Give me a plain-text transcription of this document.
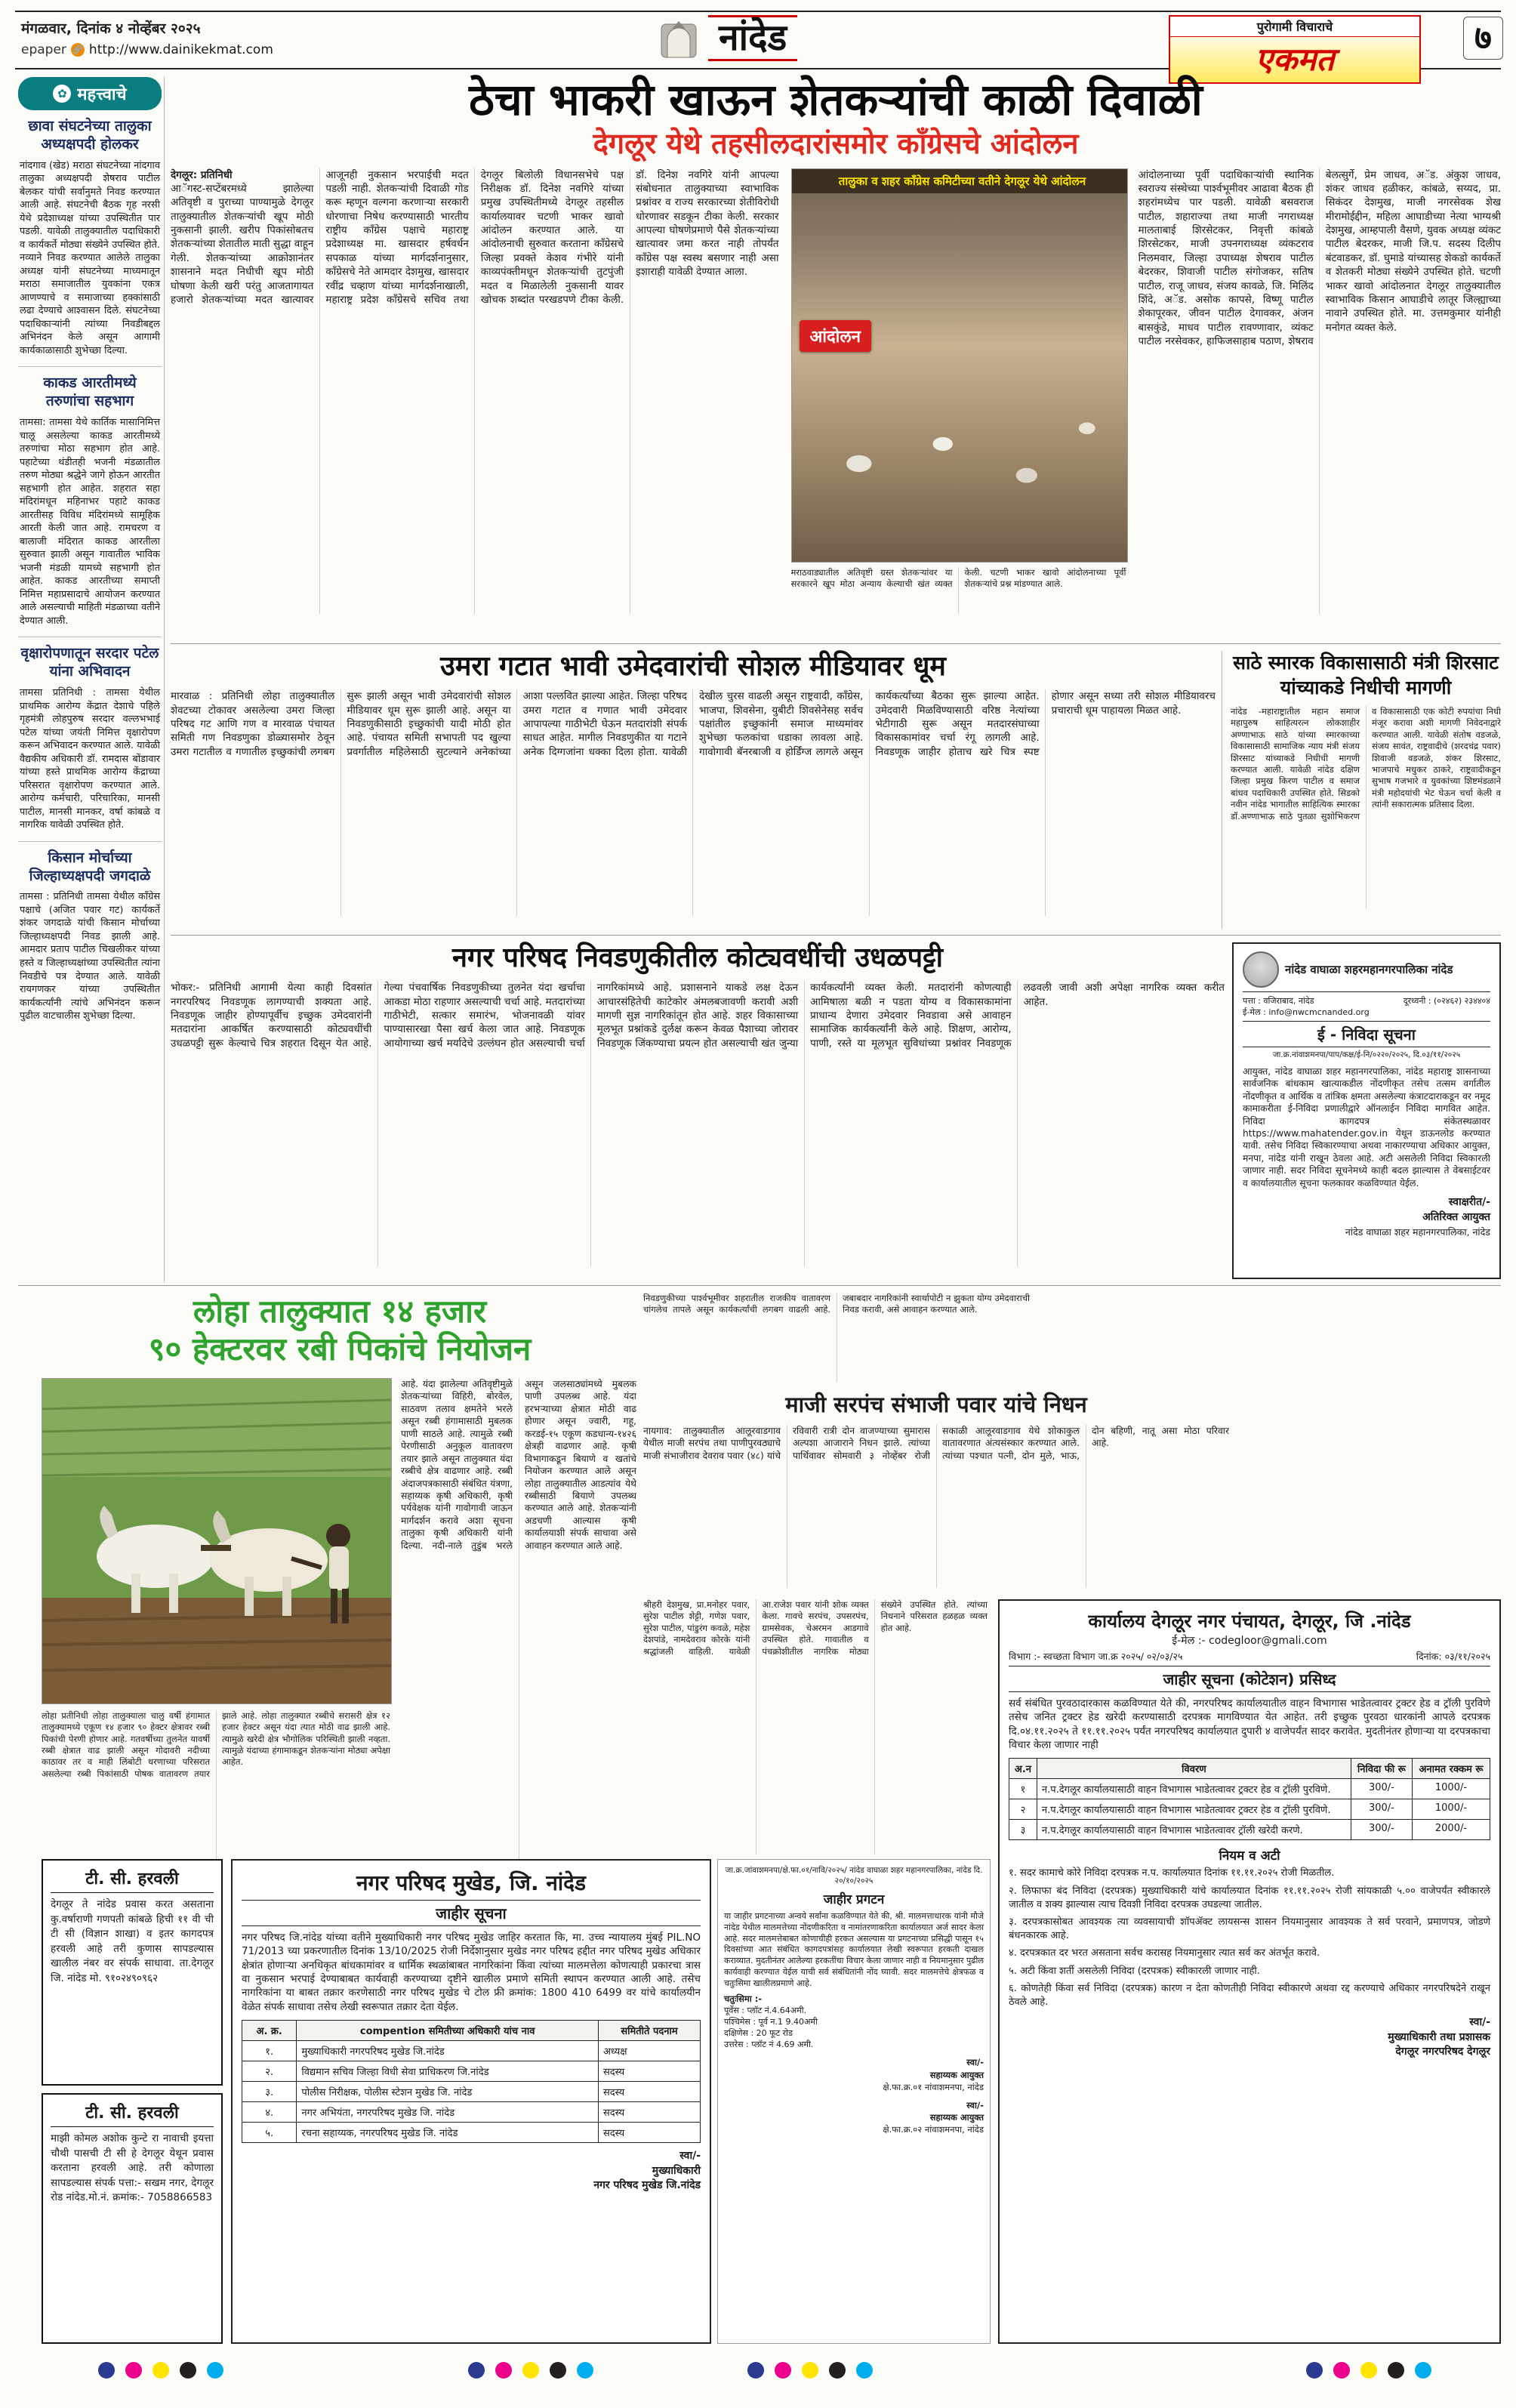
मंगळवार, दिनांक ४ नोव्हेंबर २०२५
epaper 🔗 http://www.dainikekmat.com	नांदेड	पुरोगामी विचाराचे
एकमत
७
✿ महत्त्वाचे
छावा संघटनेच्या तालुका अध्यक्षपदी होलकर

नांदगाव (खेड) मराठा संघटनेच्या नांदगाव तालुका अध्यक्षपदी शेषराव पाटील बेलकर यांची सर्वानुमते निवड करण्यात आली आहे. संघटनेची बैठक गृह नरसी येथे प्रदेशाध्यक्ष यांच्या उपस्थितीत पार पडली. यावेळी तालुक्यातील पदाधिकारी व कार्यकर्ते मोठ्या संख्येने उपस्थित होते. नव्याने निवड करण्यात आलेले तालुका अध्यक्ष यांनी संघटनेच्या माध्यमातून मराठा समाजातील युवकांना एकत्र आणण्याचे व समाजाच्या हक्कांसाठी लढा देण्याचे आश्वासन दिले. संघटनेच्या पदाधिकाऱ्यांनी त्यांच्या निवडीबद्दल अभिनंदन केले असून आगामी कार्यकाळासाठी शुभेच्छा दिल्या.

काकड आरतीमध्ये तरुणांचा सहभाग

तामसा: तामसा येथे कार्तिक मासानिमित्त चालू असलेल्या काकड आरतीमध्ये तरुणांचा मोठा सहभाग होत आहे. पहाटेच्या थंडीतही भजनी मंडळातील तरुण मोठ्या श्रद्धेने जागे होऊन आरतीत सहभागी होत आहेत. शहरात सहा मंदिरांमधून महिनाभर पहाटे काकड आरतीसह विविध मंदिरांमध्ये सामूहिक आरती केली जात आहे. रामचरण व बालाजी मंदिरात काकड आरतीला सुरुवात झाली असून गावातील भाविक भजनी मंडळी यामध्ये सहभागी होत आहेत. काकड आरतीच्या समाप्ती निमित्त महाप्रसादाचे आयोजन करण्यात आले असल्याची माहिती मंडळाच्या वतीने देण्यात आली.

वृक्षारोपणातून सरदार पटेल यांना अभिवादन

तामसा प्रतिनिधी : तामसा येथील प्राथमिक आरोग्य केंद्रात देशाचे पहिले गृहमंत्री लोहपुरुष सरदार वल्लभभाई पटेल यांच्या जयंती निमित्त वृक्षारोपण करून अभिवादन करण्यात आले. यावेळी वैद्यकीय अधिकारी डॉ. रामदास बोंडावार यांच्या हस्ते प्राथमिक आरोग्य केंद्राच्या परिसरात वृक्षारोपण करण्यात आले. आरोग्य कर्मचारी, परिचारिका, मानसी पाटील, मानसी मानकर, वर्षा कांबळे व नागरिक यावेळी उपस्थित होते.

किसान मोर्चाच्या जिल्हाध्यक्षपदी जगदाळे

तामसा : प्रतिनिधी तामसा येथील काँग्रेस पक्षाचे (अजित पवार गट) कार्यकर्ते शंकर जगदाळे यांची किसान मोर्चाच्या जिल्हाध्यक्षपदी निवड झाली आहे. आमदार प्रताप पाटील चिखलीकर यांच्या हस्ते व जिल्हाध्यक्षांच्या उपस्थितीत त्यांना निवडीचे पत्र देण्यात आले. यावेळी रायगणकर यांच्या उपस्थितीत कार्यकर्त्यांनी त्यांचे अभिनंदन करून पुढील वाटचालीस शुभेच्छा दिल्या.

ठेचा भाकरी खाऊन शेतकऱ्यांची काळी दिवाळी
देगलूर येथे तहसीलदारांसमोर काँग्रेसचे आंदोलन
देगलूर: प्रतिनिधी
आॅगस्ट-सप्टेंबरमध्ये झालेल्या अतिवृष्टी व पुराच्या पाण्यामुळे देगलूर तालुक्यातील शेतकऱ्यांची खूप मोठी नुकसानी झाली. खरीप पिकांसोबतच शेतकऱ्यांच्या शेतातील माती सुद्धा वाहून गेली. शेतकऱ्यांच्या आक्रोशानंतर शासनाने मदत निधीची खूप मोठी घोषणा केली खरी परंतु आजतागायत हजारो शेतकऱ्यांच्या मदत खात्यावर आजूनही नुकसान भरपाईची मदत पडली नाही. शेतकऱ्यांची दिवाळी गोड करू म्हणून वल्गना करणाऱ्या सरकारी धोरणाचा निषेध करण्यासाठी भारतीय राष्ट्रीय काँग्रेस पक्षाचे महाराष्ट्र प्रदेशाध्यक्ष मा. खासदार हर्षवर्धन सपकाळ यांच्या मार्गदर्शनानुसार, काँग्रेसचे नेते आमदार देशमुख, खासदार रवींद्र चव्हाण यांच्या मार्गदर्शनाखाली, महाराष्ट्र प्रदेश काँग्रेसचे सचिव तथा देगलूर बिलोली विधानसभेचे पक्ष निरीक्षक डॉ. दिनेश नवगिरे यांच्या प्रमुख उपस्थितीमध्ये देगलूर तहसील कार्यालयावर चटणी भाकर खावो आंदोलन करण्यात आले. या आंदोलनाची सुरुवात करताना काँग्रेसचे जिल्हा प्रवक्ते केशव गंभीरे यांनी काव्यपंक्तीमधून शेतकऱ्यांची तुटपुंजी मदत व मिळालेली नुकसानी यावर खोचक शब्दांत परखडपणे टीका केली. डॉ. दिनेश नवगिरे यांनी आपल्या संबोधनात तालुक्याच्या स्वाभाविक प्रश्नांवर व राज्य सरकारच्या शेतीविरोधी धोरणावर सडकून टीका केली. सरकार आपल्या घोषणेप्रमाणे पैसे शेतकऱ्यांच्या खात्यावर जमा करत नाही तोपर्यंत काँग्रेस पक्ष स्वस्थ बसणार नाही असा इशाराही यावेळी देण्यात आला.
तालुका व शहर काँग्रेस कमिटीच्या वतीने देगलूर येथे आंदोलन
आंदोलन
मराठवाड्यातील अतिवृष्टी ग्रस्त शेतकऱ्यांवर या सरकारने खूप मोठा अन्याय केल्याची खंत व्यक्त केली. चटणी भाकर खावो आंदोलनाच्या पूर्वी शेतकऱ्यांचे प्रश्न मांडण्यात आले.
आंदोलनाच्या पूर्वी पदाधिकाऱ्यांची स्थानिक स्वराज्य संस्थेच्या पार्श्वभूमीवर आढावा बैठक ही शहरांमध्येच पार पडली. यावेळी बसवराज पाटील, शहाराज्या तथा माजी नगराध्यक्ष मालताबाई शिरसेटकर, निवृत्ती कांबळे शिरसेटकर, माजी उपनगराध्यक्ष व्यंकटराव निलमवार, जिल्हा उपाध्यक्ष शेषराव पाटील बेदरकर, शिवाजी पाटील संगोजकर, सतिष पाटील, राजू जाधव, संजय कावळे, जि. मिलिंद शिंदे, अॅड. असोक कापसे, विष्णू पाटील शेकापूरकर, जीवन पाटील देगावकर, अंजन बासकुंडे, माधव पाटील रावण्णावार, व्यंकट पाटील नरसेवकर, हाफिजसाहाब पठाण, शेषराव बेलत्सुर्गे, प्रेम जाधव, अॅड. अंकुश जाधव, शंकर जाधव हळीकर, कांबळे, सय्यद, प्रा. सिकंदर देशमुख, माजी नगरसेवक शेख मीरामोईद्दीन, महिला आघाडीच्या नेत्या भाग्यश्री देशमुख, आम्हपाली वैसणे, युवक अध्यक्ष व्यंकट पाटील बेदरकर, माजी जि.प. सदस्य दिलीप बंटवाडकर, डॉ. घुमाडे यांच्यासह शेकडो कार्यकर्ते व शेतकरी मोठ्या संख्येने उपस्थित होते. चटणी भाकर खावो आंदोलनात देगलूर तालुक्यातील स्वाभाविक किसान आघाडीचे लातूर जिल्ह्याच्या नावाने उपस्थित होते. मा. उत्तमकुमार यांनीही मनोगत व्यक्त केले.
उमरा गटात भावी उमेदवारांची सोशल मीडियावर धूम
मारवाळ : प्रतिनिधी लोहा तालुक्यातील शेवटच्या टोकावर असलेल्या उमरा जिल्हा परिषद गट आणि गण व मारवाळ पंचायत समिती गण निवडणुका डोळ्यासमोर ठेवून उमरा गटातील व गणातील इच्छुकांची लगबग सुरू झाली असून भावी उमेदवारांची सोशल मीडियावर धूम सुरू झाली आहे. असून या निवडणुकीसाठी इच्छुकांची यादी मोठी होत आहे. पंचायत समिती सभापती पद खुल्या प्रवर्गातील महिलेसाठी सुटल्याने अनेकांच्या आशा पल्लवित झाल्या आहेत. जिल्हा परिषद उमरा गटात व गणात भावी उमेदवार आपापल्या गाठीभेटी घेऊन मतदारांशी संपर्क साधत आहेत. मागील निवडणुकीत या गटाने अनेक दिग्गजांना धक्का दिला होता. यावेळी देखील चुरस वाढली असून राष्ट्रवादी, काँग्रेस, भाजपा, शिवसेना, युबीटी शिवसेनेसह सर्वच पक्षांतील इच्छुकांनी समाज माध्यमांवर शुभेच्छा फलकांचा धडाका लावला आहे. गावोगावी बॅनरबाजी व होर्डिंग्ज लागले असून कार्यकर्त्यांच्या बैठका सुरू झाल्या आहेत. उमेदवारी मिळविण्यासाठी वरिष्ठ नेत्यांच्या भेटीगाठी सुरू असून मतदारसंघाच्या विकासकामांवर चर्चा रंगू लागली आहे. निवडणूक जाहीर होताच खरे चित्र स्पष्ट होणार असून सध्या तरी सोशल मीडियावरच प्रचाराची धूम पाहायला मिळत आहे.
साठे स्मारक विकासासाठी मंत्री शिरसाट यांच्याकडे निधीची मागणी
नांदेड -महाराष्ट्रातील महान समाज महापुरुष साहित्यरत्न लोकशाहीर अण्णाभाऊ साठे यांच्या स्मारकाच्या विकासासाठी सामाजिक न्याय मंत्री संजय शिरसाट यांच्याकडे निधीची मागणी करण्यात आली. यावेळी नांदेड दक्षिण जिल्हा प्रमुख किरण पाटील व समाज बांधव पदाधिकारी उपस्थित होते. सिडको नवीन नांदेड भागातील साहित्यिक स्मारका डॉ.अण्णाभाऊ साठे पुतळा सुशोभिकरण व विकासासाठी एक कोटी रुपयांचा निधी मंजूर करावा अशी मागणी निवेदनाद्वारे करण्यात आली. यावेळी संतोष वडजळे, संजय सावंत, राष्ट्रवादीचे (शरदचंद्र पवार) शिवाजी वडजळे, शंकर शिरसाट, भाजपाचे मधुकर ठाकरे, राष्ट्रवादीकडून सुभाष गजभारे व युवकांच्या शिष्टमंडळाने मंत्री महोदयांची भेट घेऊन चर्चा केली व त्यांनी सकारात्मक प्रतिसाद दिला.
नगर परिषद निवडणुकीतील कोट्यवधींची उधळपट्टी
भोकर:- प्रतिनिधी आगामी येत्या काही दिवसांत नगरपरिषद निवडणूक लागण्याची शक्यता आहे. निवडणूक जाहीर होण्यापूर्वीच इच्छुक उमेदवारांनी मतदारांना आकर्षित करण्यासाठी कोट्यवधींची उधळपट्टी सुरू केल्याचे चित्र शहरात दिसून येत आहे. गेल्या पंचवार्षिक निवडणुकीच्या तुलनेत यंदा खर्चाचा आकडा मोठा राहणार असल्याची चर्चा आहे. मतदारांच्या गाठीभेटी, सत्कार समारंभ, भोजनावळी यांवर पाण्यासारखा पैसा खर्च केला जात आहे. निवडणूक आयोगाच्या खर्च मर्यादेचे उल्लंघन होत असल्याची चर्चा नागरिकांमध्ये आहे. प्रशासनाने याकडे लक्ष देऊन आचारसंहितेची काटेकोर अंमलबजावणी करावी अशी मागणी सुज्ञ नागरिकांतून होत आहे. शहर विकासाच्या मूलभूत प्रश्नांकडे दुर्लक्ष करून केवळ पैशाच्या जोरावर निवडणूक जिंकण्याचा प्रयत्न होत असल्याची खंत जुन्या कार्यकर्त्यांनी व्यक्त केली. मतदारांनी कोणत्याही आमिषाला बळी न पडता योग्य व विकासकामांना प्राधान्य देणारा उमेदवार निवडावा असे आवाहन सामाजिक कार्यकर्त्यांनी केले आहे. शिक्षण, आरोग्य, पाणी, रस्ते या मूलभूत सुविधांच्या प्रश्नांवर निवडणूक लढवली जावी अशी अपेक्षा नागरिक व्यक्त करीत आहेत.
नांदेड वाघाळा शहरमहानगरपालिका नांदेड
पत्ता : वजिराबाद, नांदेड	दूरध्वनी : (०२४६२) २३४४०४
ई-मेल : info@nwcmcnanded.org
ई - निविदा सूचना
जा.क्र.नांवाशमनपा/पाप/कक्ष/ई-नि/०२२०/२०२५, दि.०३/११/२०२५

आयुक्त, नांदेड वाघाळा शहर महानगरपालिका, नांदेड महाराष्ट्र शासनाच्या सार्वजनिक बांधकाम खात्याकडील नोंदणीकृत तसेच तत्सम वर्गातील नोंदणीकृत व आर्थिक व तांत्रिक क्षमता असलेल्या कंत्राटदाराकडून वर नमूद कामाकरीता ई-निविदा प्रणालीद्वारे ऑनलाईन निविदा मागवित आहेत. निविदा कागदपत्र संकेतस्थळावर https://www.mahatender.gov.in येथून डाऊनलोड करण्यात यावी. तसेच निविदा स्विकारण्याचा अथवा नाकारण्याचा अधिकार आयुक्त, मनपा, नांदेड यांनी राखून ठेवला आहे. अटी असलेली निविदा स्विकारली जाणार नाही. सदर निविदा सूचनेमध्ये काही बदल झाल्यास ते वेबसाईटवर व कार्यालयातील सूचना फलकावर कळविण्यात येईल.

स्वाक्षरीत/-
अतिरिक्त आयुक्त
नांदेड वाघाळा शहर महानगरपालिका, नांदेड
लोहा तालुक्यात १४ हजार
९० हेक्टरवर रबी पिकांचे नियोजन
लोहा प्रतीनिधी लोहा तालुक्याला चालु वर्षी हंगामात तालुक्यामध्ये एकूण १४ हजार ९० हेक्टर क्षेत्रावर रब्बी पिकांची पेरणी होणार आहे. गतवर्षीच्या तुलनेत यावर्षी रब्बी क्षेत्रात वाढ झाली असून गोदावरी नदीच्या काठावर तर व माही लिंबोटी धरणाच्या परिसरात असलेल्या रब्बी पिकांसाठी पोषक वातावरण तयार झाले आहे. लोहा तालुक्यात रब्बीचे सरासरी क्षेत्र १२ हजार हेक्टर असून यंदा त्यात मोठी वाढ झाली आहे. त्यामुळे खरेदी क्षेत्र भौगोलिक परिस्थिती झाली नव्हता. त्यामुळे यंदाच्या हंगामाकडून शेतकऱ्यांना मोठ्या अपेक्षा आहेत.
आहे. यंदा झालेल्या अतिवृष्टीमुळे शेतकऱ्यांच्या विहिरी, बोरवेल, साठवण तलाव क्षमतेने भरले असून रब्बी हंगामासाठी मुबलक पाणी साठले आहे. त्यामुळे रब्बी पेरणीसाठी अनुकूल वातावरण तयार झाले असून तालुक्यात यंदा रब्बीचे क्षेत्र वाढणार आहे. रब्बी अंदाजपत्रकासाठी संबंधित यंत्रणा, सहाय्यक कृषी अधिकारी, कृषी पर्यवेक्षक यांनी गावोगावी जाऊन मार्गदर्शन करावे अशा सूचना तालुका कृषी अधिकारी यांनी दिल्या. नदी-नाले तुडुंब भरले असून जलसाठ्यांमध्ये मुबलक पाणी उपलब्ध आहे. यंदा हरभऱ्याच्या क्षेत्रात मोठी वाढ होणार असून ज्वारी, गहू, करडई-१५ एकूण कडधान्य-१४२६ क्षेत्रही वाढणार आहे. कृषी विभागाकडून बियाणे व खतांचे नियोजन करण्यात आले असून लोहा तालुक्यातील आडत्यांव येथे रब्बीसाठी बियाणे उपलब्ध करण्यात आले आहे. शेतकऱ्यांनी अडचणी आल्यास कृषी कार्यालयाशी संपर्क साधावा असे आवाहन करण्यात आले आहे.
निवडणुकीच्या पार्श्वभूमीवर शहरातील राजकीय वातावरण चांगलेच तापले असून कार्यकर्त्यांची लगबग वाढली आहे. जबाबदार नागरिकांनी स्वार्थापोटी न झुकता योग्य उमेदवाराची निवड करावी, असे आवाहन करण्यात आले.
माजी सरपंच संभाजी पवार यांचे निधन
नायगाव: तालुक्यातील आलूरवाडगाव येथील माजी सरपंच तथा पाणीपुरवठ्याचे माजी संभाजीराव देवराव पवार (४८) यांचे रविवारी रात्री दोन वाजण्याच्या सुमारास अल्पशा आजाराने निधन झाले. त्यांच्या पार्थिवावर सोमवारी ३ नोव्हेंबर रोजी सकाळी आलूरवाडगाव येथे शोकाकुल वातावरणात अंत्यसंस्कार करण्यात आले. त्यांच्या पश्चात पत्नी, दोन मुले, भाऊ, दोन बहिणी, नातू असा मोठा परिवार आहे.
श्रीहरी देशमुख, प्रा.मनोहर पवार, सुरेश पाटील शेट्टी, गणेश पवार, सुरेश पाटील, पांडुरंग कवळे, महेश देशपांडे, नामदेवराव कोरके यांनी श्रद्धांजली वाहिली. यावेळी आ.राजेश पवार यांनी शोक व्यक्त केला. गावचे सरपंच, उपसरपंच, ग्रामसेवक, चेअरमन आडगावे उपस्थित होते. गावातील व पंचक्रोशीतील नागरिक मोठ्या संख्येने उपस्थित होते. त्यांच्या निधनाने परिसरात हळहळ व्यक्त होत आहे.	कार्यालय देगलूर नगर पंचायत, देगलूर, जि .नांदेड
ई-मेल :- codegloor@gmali.com
विभाग :- स्वच्छता विभाग जा.क्र २०२५/ ०२/०३/२५	दिनांक: ०३/११/२०२५
जाहीर सूचना (कोटेशन) प्रसिध्द

सर्व संबंधित पुरवठादारकास कळविण्यात येते की, नगरपरिषद कार्यालयातील वाहन विभागास भाडेतत्वावर ट्रक्टर हेड व ट्रॉली पुरविणे तसेच जनित ट्रक्टर हेड खरेदी करण्यासाठी दरपत्रक मागविण्यात येत आहेत. तरी इच्छुक पुरवठा धारकांनी आपले दरपत्रक दि.०४.११.२०२५ ते ११.११.२०२५ पर्यंत नगरपरिषद कार्यालयात दुपारी ४ वाजेपर्यंत सादर करावेत. मुदतीनंतर होणाऱ्या या दरपत्रकाचा विचार केला जाणार नाही

अ.न	विवरण	निविदा फी रू	अनामत रक्कम रू
१	न.प.देगलूर कार्यालयासाठी वाहन विभागास भाडेतत्वावर ट्रक्टर हेड व ट्रॉली पुरविणे.	300/-	1000/-
२	न.प.देगलूर कार्यालयासाठी वाहन विभागास भाडेतत्वावर ट्रक्टर हेड व ट्रॉली पुरविणे.	300/-	1000/-
३	न.प.देगलूर कार्यालयासाठी वाहन विभागास भाडेतत्वावर ट्रॉली खरेदी करणे.	300/-	2000/-
नियम व अटी
१. सदर कामाचे कोरे निविदा दरपत्रक न.प. कार्यालयात दिनांक ११.११.२०२५ रोजी मिळतील.
२. लिफाफा बंद निविदा (दरपत्रक) मुख्याधिकारी यांचे कार्यालयात दिनांक ११.११.२०२५ रोजी सांयकाळी ५.०० वाजेपर्यंत स्वीकारले जातील व शक्य झाल्यास त्याच दिवशी निविदा दरपत्रक उघडल्या जातील.
३. दरपत्रकासोबत आवश्यक त्या व्यवसायाची शॉपॲक्ट लायसन्स शासन नियमानुसार आवश्यक ते सर्व परवाने, प्रमाणपत्र, जोडणे बंधनकारक आहे.
४. दरपत्रकात दर भरत असताना सर्वच करासह नियमानुसार त्यात सर्व कर अंतर्भूत करावे.
५. अटी किंवा शर्ती असलेली निविदा (दरपत्रक) स्वीकारली जाणार नाही.
६. कोणतेही किंवा सर्व निविदा (दरपत्रक) कारण न देता कोणतीही निविदा स्वीकारणे अथवा रद्द करण्याचे अधिकार नगरपरिषदेने राखून ठेवले आहे.
स्वा/-
मुख्याधिकारी तथा प्रशासक
देगलूर नगरपरिषद देगलूर
टी. सी. हरवली

देगलूर ते नांदेड प्रवास करत असताना कु.वर्षाराणी गणपती कांबळे हिची ११ वी ची टी सी (विज्ञान शाखा) व इतर कागदपत्र हरवली आहे तरी कुणास सापडल्यास खालील नंबर वर संपर्क साधावा. ता.देगलूर जि. नांदेड मो. ९१०२४९०९६२

टी. सी. हरवली

माझी कोमल अशोक कुन्टे रा नावाची इयत्ता चौथी पासची टी सी हे देगलूर येथून प्रवास करताना हरवली आहे. तरी कोणाला सापडल्यास संपर्क पत्ता:- सखम नगर, देगलूर रोड नांदेड.मो.नं. क्रमांक:- 7058866583

नगर परिषद मुखेड, जि. नांदेड
जाहीर सूचना

नगर परिषद जि.नांदेड यांच्या वतीने मुख्याधिकारी नगर परिषद मुखेड जाहिर करतात कि, मा. उच्च न्यायालय मुंबई PIL.NO 71/2013 च्या प्रकरणातील दिनांक 13/10/2025 रोजी निर्देशानुसार मुखेड नगर परिषद हद्दीत नगर परिषद मुखेड अधिकार क्षेत्रांत होणाऱ्या अनधिकृत बांधकामांवर व धार्मिक स्थळांबाबत नागरिकांना किंवा त्यांच्या मालमत्तेला कोणत्याही प्रकारचा त्रास वा नुकसान भरपाई देण्याबाबत कार्यवाही करण्याच्या दृष्टीने खालील प्रमाणे समिती स्थापन करण्यात आली आहे. तसेच नागरिकांना या बाबत तक्रार करणेसाठी नगर परिषद मुखेड चे टोल फ्री क्रमांक: 1800 410 6499 वर यांचे कार्यालयीन वेळेत संपर्क साधावा तसेच लेखी स्वरूपात तक्रार देता येईल.

अ. क्र.	compention समितीच्या अधिकारी यांच नाव	समितीते पदनाम
१.	मुख्याधिकारी नगरपरिषद मुखेड जि.नांदेड	अध्यक्ष
२.	विद्यमान सचिव जिल्हा विधी सेवा प्राधिकरण जि.नांदेड	सदस्य
३.	पोलीस निरीक्षक, पोलीस स्टेशन मुखेड जि. नांदेड	सदस्य
४.	नगर अभियंता, नगरपरिषद मुखेड जि. नांदेड	सदस्य
५.	रचना सहाय्यक, नगरपरिषद मुखेड जि. नांदेड	सदस्य
स्वा/-
मुख्याधिकारी
नगर परिषद मुखेड जि.नांदेड
जा.क्र.जांवाशमनपा/क्षे.फा.०१/नावि/२०२५/ नांदेड वाघाळा शहर महानगरपालिका, नांदेड दि. २०/१०/२०२५
जाहीर प्रगटन

या जाहीर प्रगटनाच्या अन्वये सर्वांना कळविण्यात येते की, श्री. मालमत्ताधारक यांनी मौजे नांदेड येथील मालमत्तेच्या नोंदणीकरिता व नामांतरणाकरिता कार्यालयात अर्ज सादर केला आहे. सदर मालमत्तेबाबत कोणाचीही हरकत असल्यास या प्रगटनाच्या प्रसिद्धी पासून १५ दिवसांच्या आत संबंधित कागदपत्रांसह कार्यालयात लेखी स्वरूपात हरकती दाखल कराव्यात. मुदतीनंतर आलेल्या हरकतींचा विचार केला जाणार नाही व नियमानुसार पुढील कार्यवाही करण्यात येईल याची सर्व संबंधितांनी नोंद घ्यावी. सदर मालमत्तेचे क्षेत्रफळ व चतुःसिमा खालीलप्रमाणे आहे.

चतुःसिमा :-
पूर्वेस : प्लॉट नं.4.64अमी.
पश्चिमेस : पूर्व न.1 9.40अमी
दक्षिणेस : 20 फूट रोड
उत्तरेस : प्लॉट नं 4.69 अमी.
स्वा/-
सहाय्यक आयुक्त
क्षे.फा.क्र.०१ नांवाशमनपा, नांदेड
स्वा/-
सहाय्यक आयुक्त
क्षे.फा.क्र.०२ नांवाशमनपा, नांदेड
